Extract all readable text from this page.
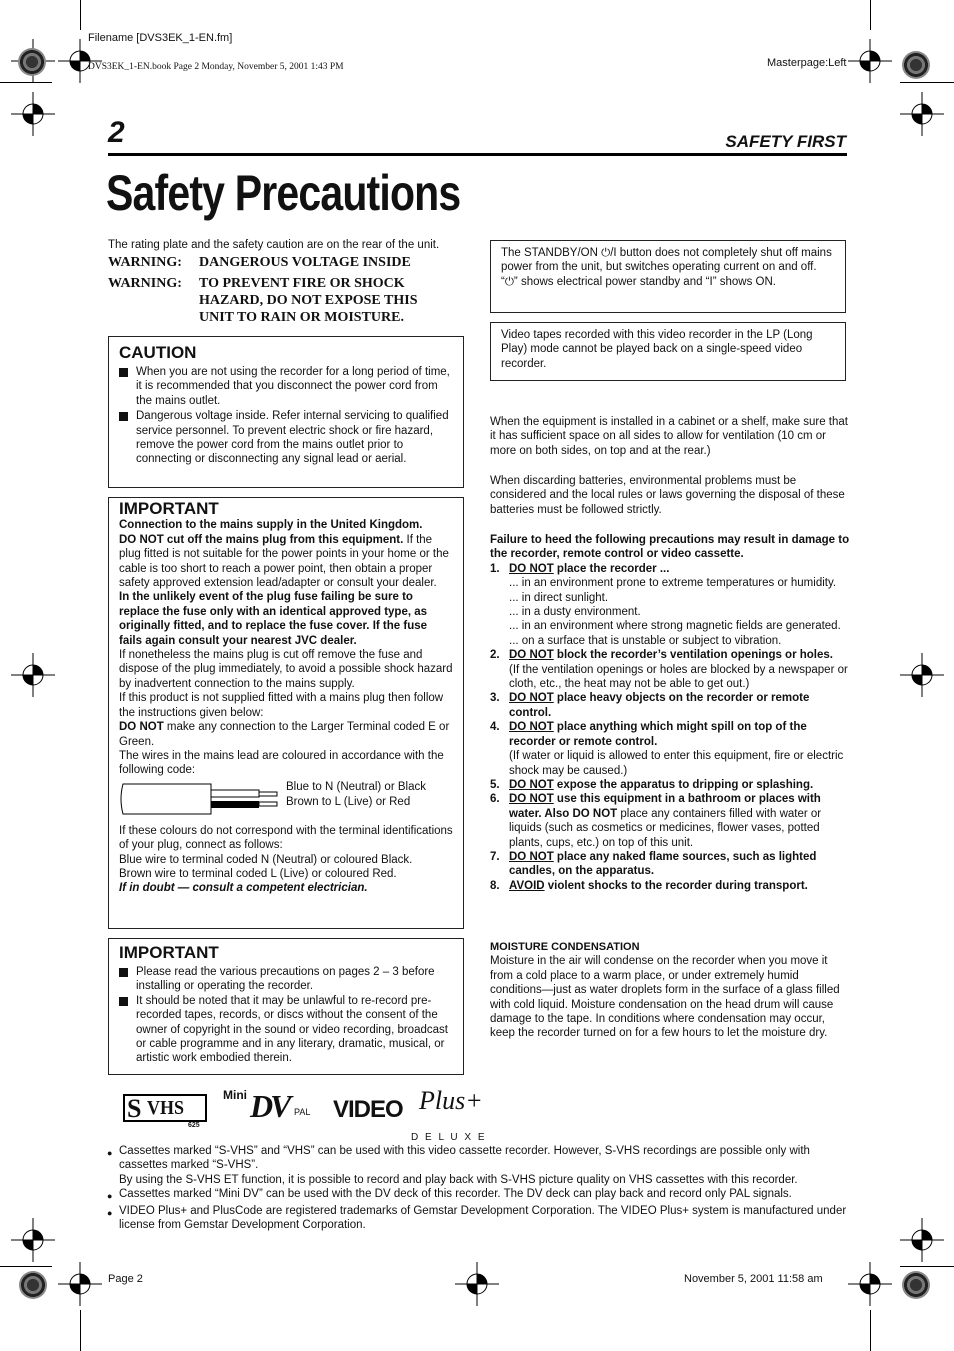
Filename [DVS3EK_1-EN.fm]
DVS3EK_1-EN.book Page 2 Monday, November 5, 2001 1:43 PM	Masterpage:Left
2	SAFETY FIRST
Safety Precautions
The rating plate and the safety caution are on the rear of the unit.
WARNING:	DANGEROUS VOLTAGE INSIDE
WARNING:	TO PREVENT FIRE OR SHOCK HAZARD, DO NOT EXPOSE THIS UNIT TO RAIN OR MOISTURE.
CAUTION
When you are not using the recorder for a long period of time, it is recommended that you disconnect the power cord from the mains outlet.
Dangerous voltage inside. Refer internal servicing to qualified service personnel. To prevent electric shock or fire hazard, remove the power cord from the mains outlet prior to connecting or disconnecting any signal lead or aerial.
IMPORTANT
Connection to the mains supply in the United Kingdom.
DO NOT cut off the mains plug from this equipment. If the plug fitted is not suitable for the power points in your home or the cable is too short to reach a power point, then obtain a proper safety approved extension lead/adapter or consult your dealer.
In the unlikely event of the plug fuse failing be sure to replace the fuse only with an identical approved type, as originally fitted, and to replace the fuse cover. If the fuse fails again consult your nearest JVC dealer.
If nonetheless the mains plug is cut off remove the fuse and dispose of the plug immediately, to avoid a possible shock hazard by inadvertent connection to the mains supply.
If this product is not supplied fitted with a mains plug then follow the instructions given below:
DO NOT make any connection to the Larger Terminal coded E or Green.
The wires in the mains lead are coloured in accordance with the following code:
Blue to N (Neutral) or Black
Brown to L (Live) or Red
If these colours do not correspond with the terminal identifications of your plug, connect as follows:
Blue wire to terminal coded N (Neutral) or coloured Black.
Brown wire to terminal coded L (Live) or coloured Red.
If in doubt — consult a competent electrician.
IMPORTANT
Please read the various precautions on pages 2 – 3 before installing or operating the recorder.
It should be noted that it may be unlawful to re-record pre-recorded tapes, records, or discs without the consent of the owner of copyright in the sound or video recording, broadcast or cable programme and in any literary, dramatic, musical, or artistic work embodied therein.
The STANDBY/ON ⏻/I button does not completely shut off mains power from the unit, but switches operating current on and off. “⏻” shows electrical power standby and “I” shows ON.
Video tapes recorded with this video recorder in the LP (Long Play) mode cannot be played back on a single-speed video recorder.
When the equipment is installed in a cabinet or a shelf, make sure that it has sufficient space on all sides to allow for ventilation (10 cm or more on both sides, on top and at the rear.)
When discarding batteries, environmental problems must be considered and the local rules or laws governing the disposal of these batteries must be followed strictly.
Failure to heed the following precautions may result in damage to the recorder, remote control or video cassette.
1. DO NOT place the recorder ...
... in an environment prone to extreme temperatures or humidity.
... in direct sunlight.
... in a dusty environment.
... in an environment where strong magnetic fields are generated.
... on a surface that is unstable or subject to vibration.
2. DO NOT block the recorder’s ventilation openings or holes.
(If the ventilation openings or holes are blocked by a newspaper or cloth, etc., the heat may not be able to get out.)
3. DO NOT place heavy objects on the recorder or remote control.
4. DO NOT place anything which might spill on top of the recorder or remote control.
(If water or liquid is allowed to enter this equipment, fire or electric shock may be caused.)
5. DO NOT expose the apparatus to dripping or splashing.
6. DO NOT use this equipment in a bathroom or places with water. Also DO NOT place any containers filled with water or liquids (such as cosmetics or medicines, flower vases, potted plants, cups, etc.) on top of this unit.
7. DO NOT place any naked flame sources, such as lighted candles, on the apparatus.
8. AVOID violent shocks to the recorder during transport.
MOISTURE CONDENSATION
Moisture in the air will condense on the recorder when you move it from a cold place to a warm place, or under extremely humid conditions—just as water droplets form in the surface of a glass filled with cold liquid. Moisture condensation on the head drum will cause damage to the tape. In conditions where condensation may occur, keep the recorder turned on for a few hours to let the moisture dry.
S VHS
625
Mini DV PAL VIDEO Plus+
D E L U X E
● Cassettes marked “S-VHS” and “VHS” can be used with this video cassette recorder. However, S-VHS recordings are possible only with cassettes marked “S-VHS”.
By using the S-VHS ET function, it is possible to record and play back with S-VHS picture quality on VHS cassettes with this recorder.
● Cassettes marked “Mini DV” can be used with the DV deck of this recorder. The DV deck can play back and record only PAL signals.
● VIDEO Plus+ and PlusCode are registered trademarks of Gemstar Development Corporation. The VIDEO Plus+ system is manufactured under license from Gemstar Development Corporation.
Page 2	November 5, 2001 11:58 am
